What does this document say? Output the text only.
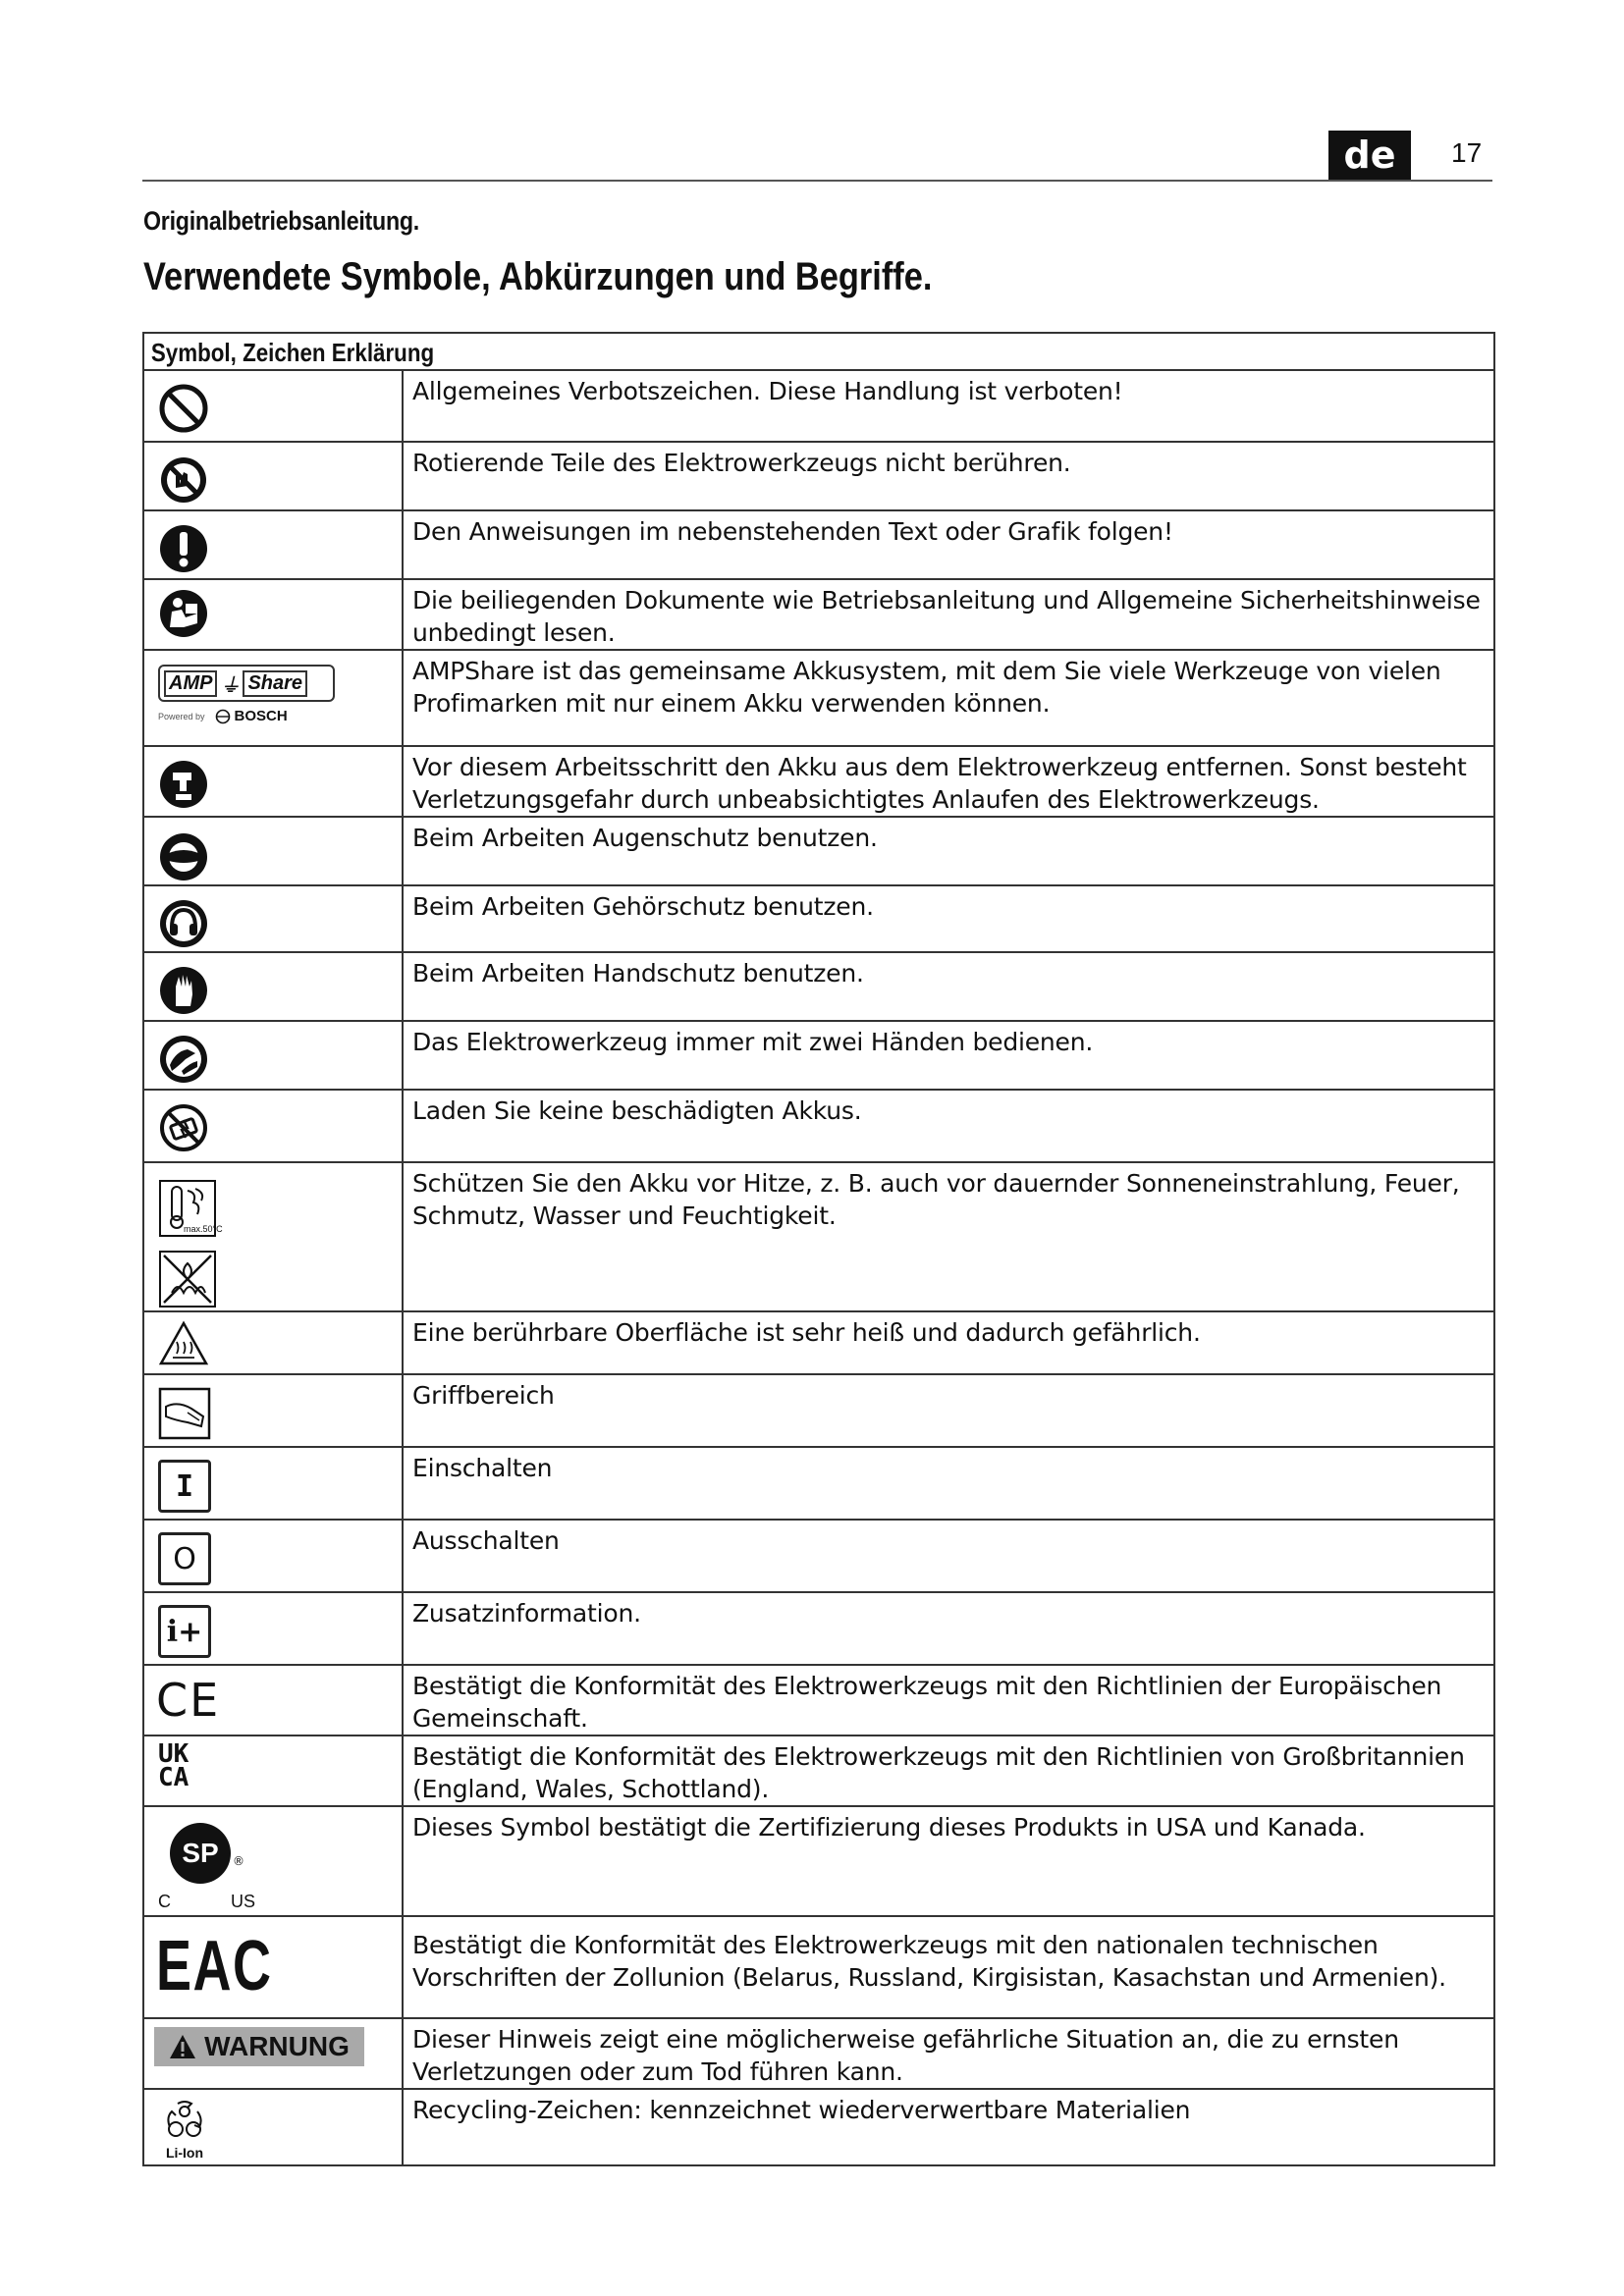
de	17
Originalbetriebsanleitung.
Verwendete Symbole, Abkürzungen und Begriffe.
Symbol, Zeichen Erklärung	

Allgemeines Verbotszeichen. Diese Handlung ist verboten!

Rotierende Teile des Elektrowerkzeugs nicht berühren.

Den Anweisungen im nebenstehenden Text oder Grafik folgen!

Die beiliegenden Dokumente wie Betriebsanleitung und Allgemeine Sicherheitshinweise unbedingt lesen.

AMP ⏚ Share
Powered by BOSCH	AMPShare ist das gemeinsame Akkusystem, mit dem Sie viele Werkzeuge von vielen Profimarken mit nur einem Akku verwenden können.

Vor diesem Arbeitsschritt den Akku aus dem Elektrowerkzeug entfernen. Sonst besteht Verletzungsgefahr durch unbeabsichtigtes Anlaufen des Elektrowerkzeugs.

Beim Arbeiten Augenschutz benutzen.

Beim Arbeiten Gehörschutz benutzen.

Beim Arbeiten Handschutz benutzen.

Das Elektrowerkzeug immer mit zwei Händen bedienen.

Laden Sie keine beschädigten Akkus.

max.50°C	Schützen Sie den Akku vor Hitze, z. B. auch vor dauernder Sonneneinstrahlung, Feuer, Schmutz, Wasser und Feuchtigkeit.

Eine berührbare Oberfläche ist sehr heiß und dadurch gefährlich.

Griffbereich

I	Einschalten

O	Ausschalten

i+	Zusatzinformation.

CE	Bestätigt die Konformität des Elektrowerkzeugs mit den Richtlinien der Europäischen Gemeinschaft.

UK
CA	Bestätigt die Konformität des Elektrowerkzeugs mit den Richtlinien von Großbritannien (England, Wales, Schottland).

SP ®
C US	Dieses Symbol bestätigt die Zertifizierung dieses Produkts in USA und Kanada.

EAC	Bestätigt die Konformität des Elektrowerkzeugs mit den nationalen technischen Vorschriften der Zollunion (Belarus, Russland, Kirgisistan, Kasachstan und Armenien).

WARNUNG	Dieser Hinweis zeigt eine möglicherweise gefährliche Situation an, die zu ernsten Verletzungen oder zum Tod führen kann.

Li-Ion	Recycling-Zeichen: kennzeichnet wiederverwertbare Materialien
